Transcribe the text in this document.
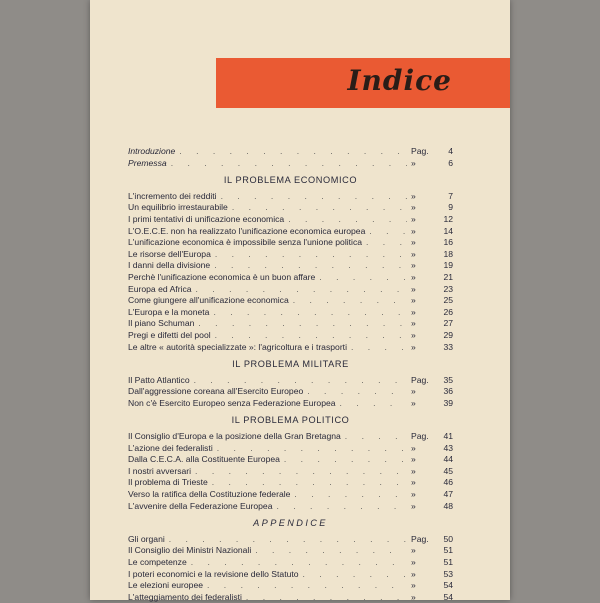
Indice
Introduzione . . .	Pag.	4
Premessa . . .	»	6
IL PROBLEMA ECONOMICO
L'incremento dei redditi . . .	»	7
Un equilibrio irrestaurabile . . .	»	9
I primi tentativi di unificazione economica . . .	»	12
L'O.E.C.E. non ha realizzato l'unificazione economica europea . . .	»	14
L'unificazione economica è impossibile senza l'unione politica . . .	»	16
Le risorse dell'Europa . . .	»	18
I danni della divisione . . .	»	19
Perchè l'unificazione economica è un buon affare . . .	»	21
Europa ed Africa . . .	»	23
Come giungere all'unificazione economica . . .	»	25
L'Europa e la moneta . . .	»	26
Il piano Schuman . . .	»	27
Pregi e difetti del pool . . .	»	29
Le altre « autorità specializzate »: l'agricoltura e i trasporti . . .	»	33
IL PROBLEMA MILITARE
Il Patto Atlantico . . .	Pag.	35
Dall'aggressione coreana all'Esercito Europeo . . .	»	36
Non c'è Esercito Europeo senza Federazione Europea . . .	»	39
IL PROBLEMA POLITICO
Il Consiglio d'Europa e la posizione della Gran Bretagna . . .	Pag.	41
L'azione dei federalisti . . .	»	43
Dalla C.E.C.A. alla Costituente Europea . . .	»	44
I nostri avversari . . .	»	45
Il problema di Trieste . . .	»	46
Verso la ratifica della Costituzione federale . . .	»	47
L'avvenire della Federazione Europea . . .	»	48
APPENDICE
Gli organi . . .	Pag.	50
Il Consiglio dei Ministri Nazionali . . .	»	51
Le competenze . . .	»	51
I poteri economici e la revisione dello Statuto . . .	»	53
Le elezioni europee . . .	»	54
L'atteggiamento dei federalisti . . .	»	54
